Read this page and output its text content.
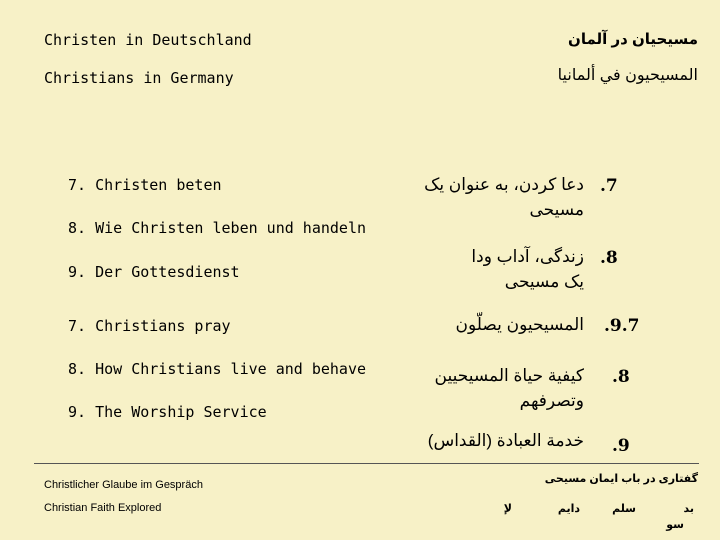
Christen in Deutschland
Christians in Germany
مسیحیان در آلمان
المسيحيون في ألمانيا
7. Christen beten
8. Wie Christen leben und handeln
9. Der Gottesdienst
7. Christians pray
8. How Christians live and behave
9. The Worship Service
.7
دعا کردن، به عنوان یک
مسیحی
.8
زندگی، آداب ودا
یک مسیحی
.9.7
المسيحيون يصلّون
.8
كيفية حياة المسيحيين
وتصرفهم
.9
خدمة العبادة (القداس)
Christlicher Glaube im Gespräch
Christian Faith Explored
گفتاری در باب ایمان مسیحی
بد
سلم
دايم
لإ
سو
